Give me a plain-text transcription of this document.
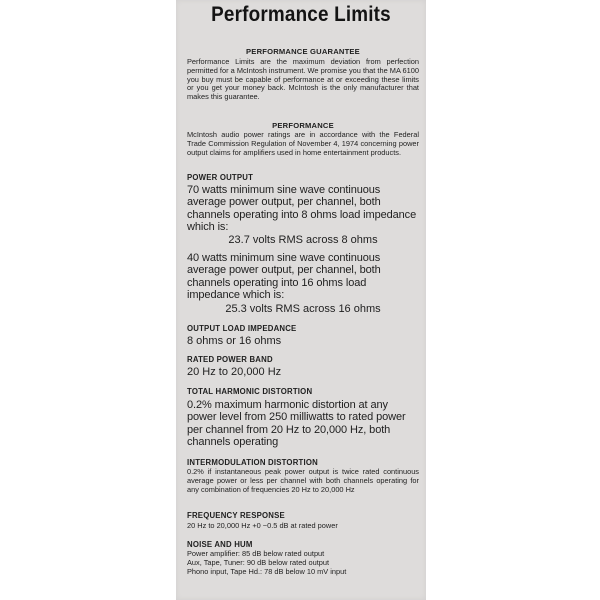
Performance Limits
PERFORMANCE GUARANTEE
Performance Limits are the maximum deviation from perfection permitted for a McIntosh instrument. We promise you that the MA 6100 you buy must be capable of performance at or exceeding these limits or you get your money back. McIntosh is the only manufacturer that makes this guarantee.
PERFORMANCE
McIntosh audio power ratings are in accordance with the Federal Trade Commission Regulation of November 4, 1974 concerning power output claims for amplifiers used in home entertainment products.
POWER OUTPUT
70 watts minimum sine wave continuous average power output, per channel, both channels operating into 8 ohms load impedance which is:
23.7 volts RMS across 8 ohms
40 watts minimum sine wave continuous average power output, per channel, both channels operating into 16 ohms load impedance which is:
25.3 volts RMS across 16 ohms
OUTPUT LOAD IMPEDANCE
8 ohms or 16 ohms
RATED POWER BAND
20 Hz to 20,000 Hz
TOTAL HARMONIC DISTORTION
0.2% maximum harmonic distortion at any power level from 250 milliwatts to rated power per channel from 20 Hz to 20,000 Hz, both channels operating
INTERMODULATION DISTORTION
0.2% if instantaneous peak power output is twice rated continuous average power or less per channel with both channels operating for any combination of frequencies 20 Hz to 20,000 Hz
FREQUENCY RESPONSE
20 Hz to 20,000 Hz +0 −0.5 dB at rated power
NOISE AND HUM
Power amplifier: 85 dB below rated output
Aux, Tape, Tuner: 90 dB below rated output
Phono input, Tape Hd.: 78 dB below 10 mV input
